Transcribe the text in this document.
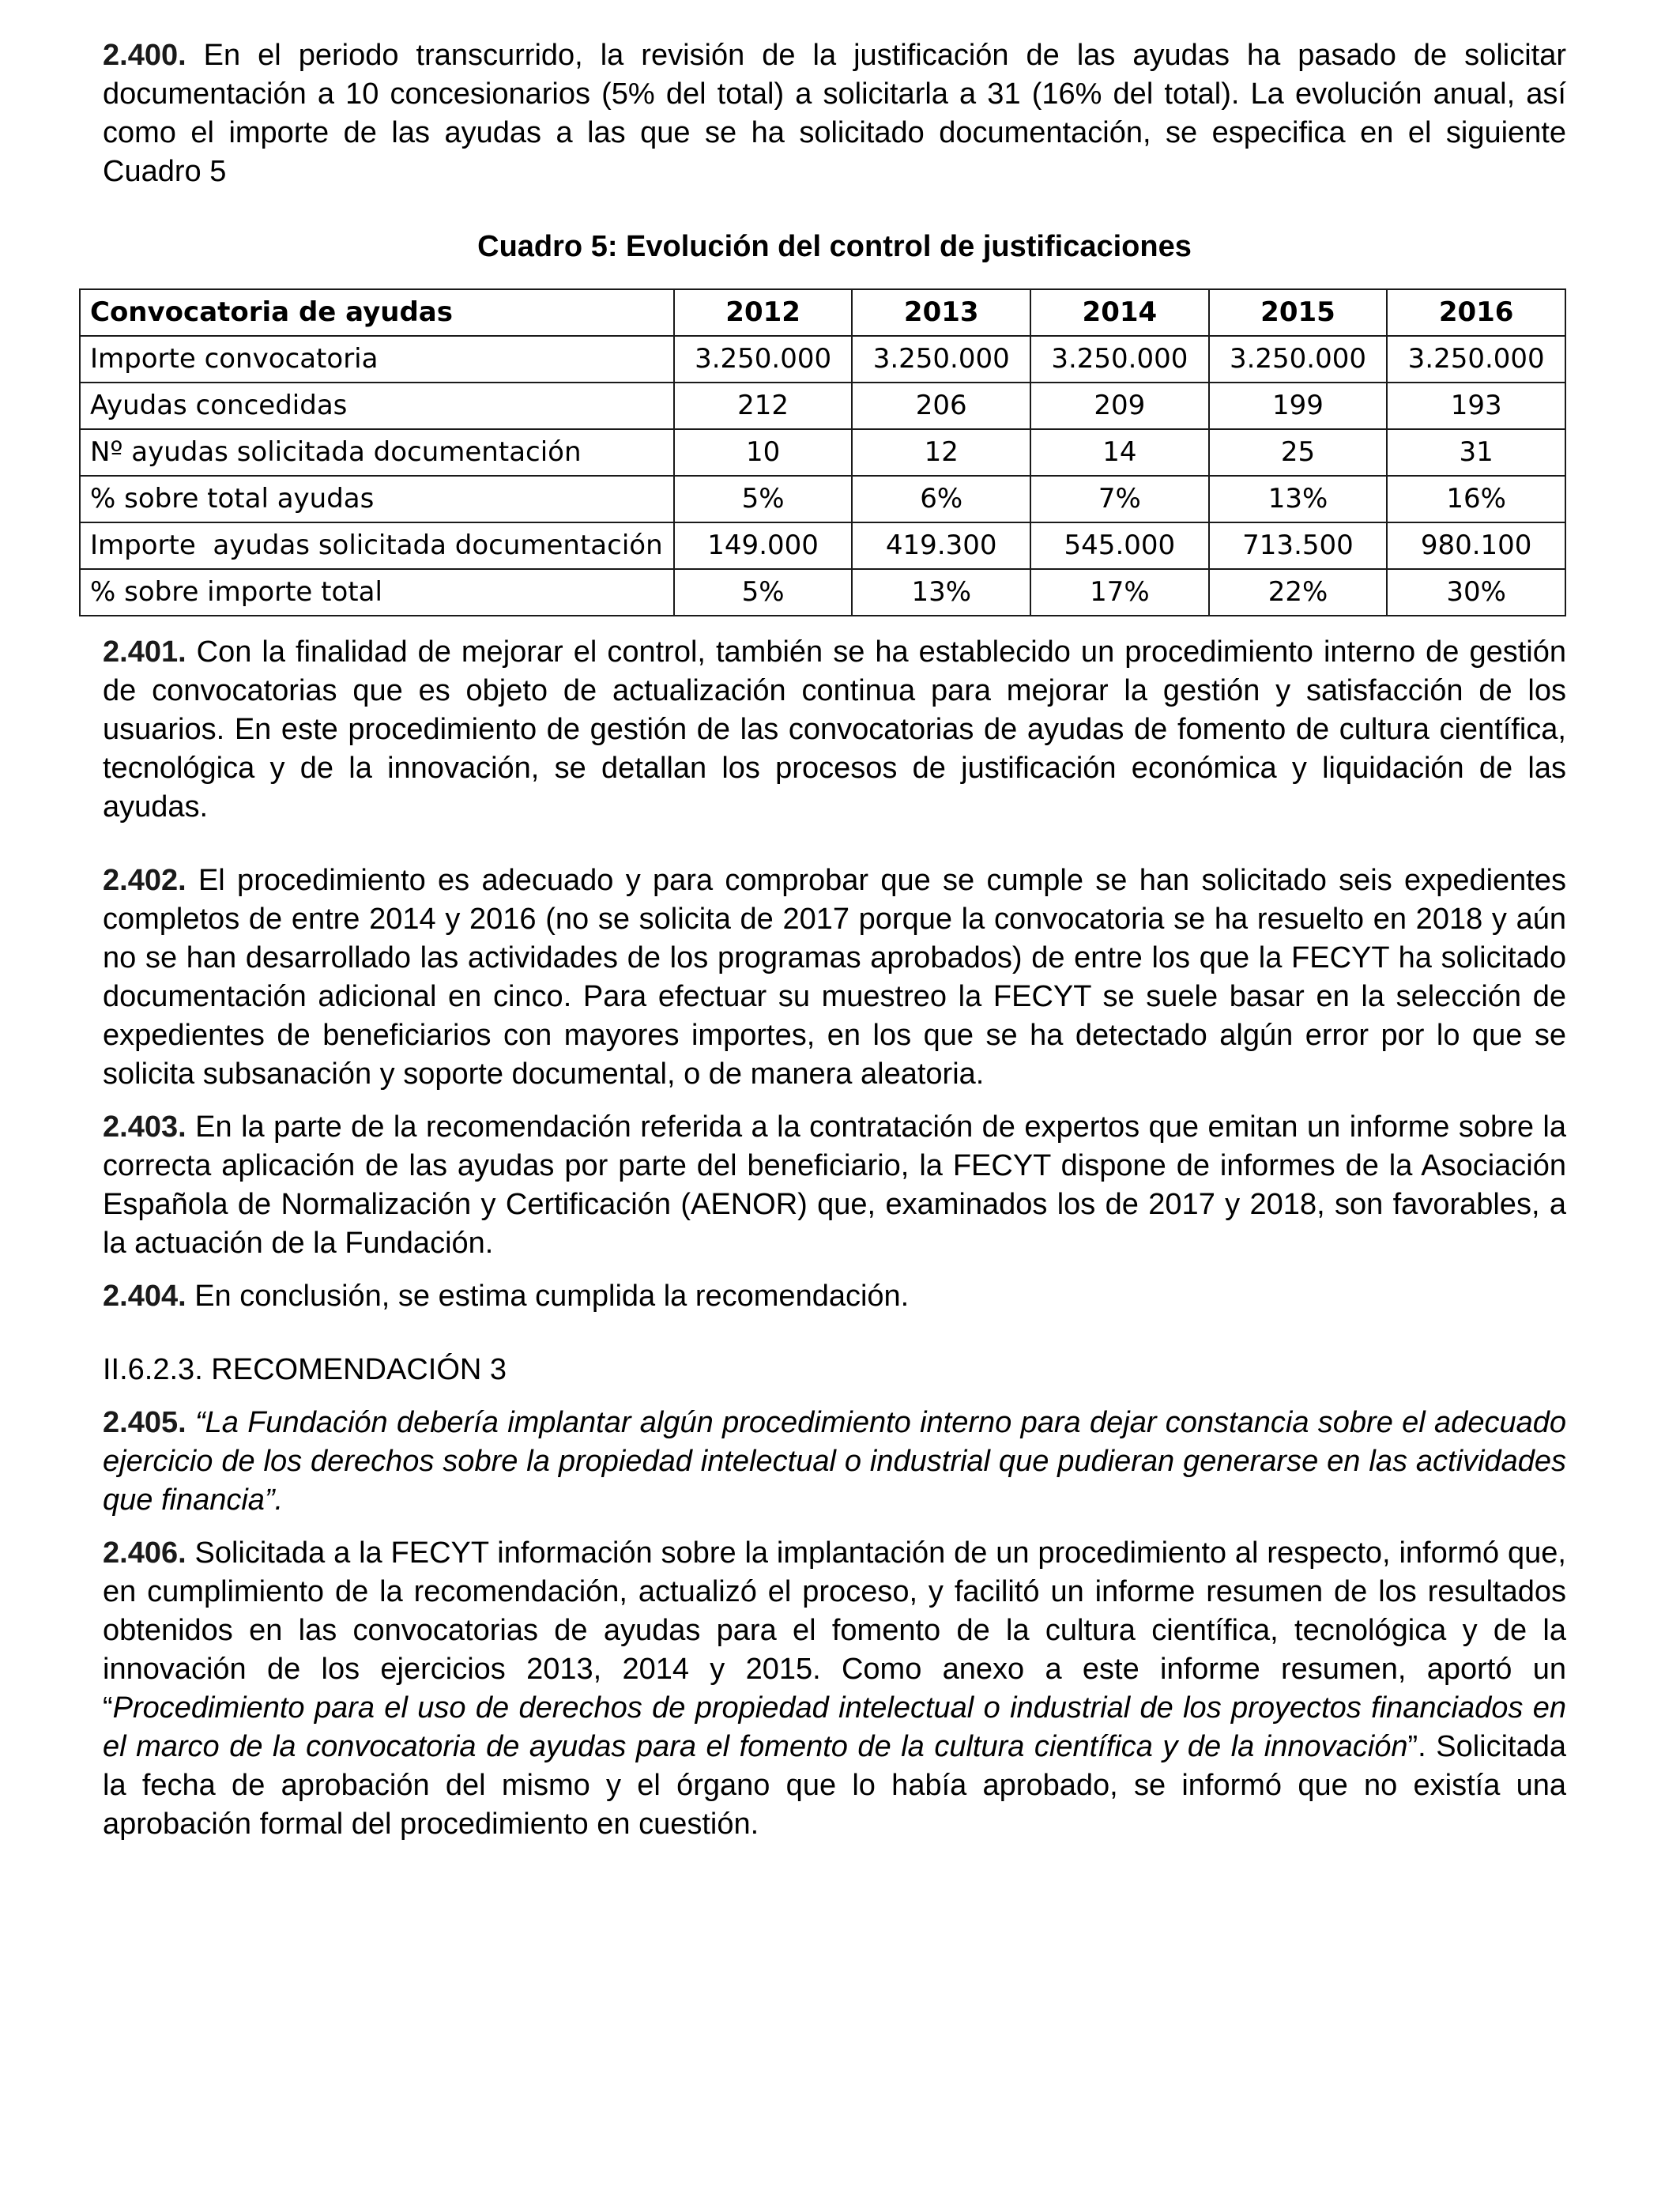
2.400. En el periodo transcurrido, la revisión de la justificación de las ayudas ha pasado de solicitar documentación a 10 concesionarios (5% del total) a solicitarla a 31 (16% del total). La evolución anual, así como el importe de las ayudas a las que se ha solicitado documentación, se especifica en el siguiente Cuadro 5

Cuadro 5: Evolución del control de justificaciones

Convocatoria de ayudas	2012	2013	2014	2015	2016
Importe convocatoria	3.250.000	3.250.000	3.250.000	3.250.000	3.250.000
Ayudas concedidas	212	206	209	199	193
Nº ayudas solicitada documentación	10	12	14	25	31
% sobre total ayudas	5%	6%	7%	13%	16%
Importe  ayudas solicitada documentación	149.000	419.300	545.000	713.500	980.100
% sobre importe total	5%	13%	17%	22%	30%

2.401. Con la finalidad de mejorar el control, también se ha establecido un procedimiento interno de gestión de convocatorias que es objeto de actualización continua para mejorar la gestión y satisfacción de los usuarios. En este procedimiento de gestión de las convocatorias de ayudas de fomento de cultura científica, tecnológica y de la innovación, se detallan los procesos de justificación económica y liquidación de las ayudas.

2.402. El procedimiento es adecuado y para comprobar que se cumple se han solicitado seis expedientes completos de entre 2014 y 2016 (no se solicita de 2017 porque la convocatoria se ha resuelto en 2018 y aún no se han desarrollado las actividades de los programas aprobados) de entre los que la FECYT ha solicitado documentación adicional en cinco. Para efectuar su muestreo la FECYT se suele basar en la selección de expedientes de beneficiarios con mayores importes, en los que se ha detectado algún error por lo que se solicita subsanación y soporte documental, o de manera aleatoria.

2.403. En la parte de la recomendación referida a la contratación de expertos que emitan un informe sobre la correcta aplicación de las ayudas por parte del beneficiario, la FECYT dispone de informes de la Asociación Española de Normalización y Certificación (AENOR) que, examinados los de 2017 y 2018, son favorables, a la actuación de la Fundación.

2.404. En conclusión, se estima cumplida la recomendación.

II.6.2.3. RECOMENDACIÓN 3

2.405. “La Fundación debería implantar algún procedimiento interno para dejar constancia sobre el adecuado ejercicio de los derechos sobre la propiedad intelectual o industrial que pudieran generarse en las actividades que financia”.

2.406. Solicitada a la FECYT información sobre la implantación de un procedimiento al respecto, informó que, en cumplimiento de la recomendación, actualizó el proceso, y facilitó un informe resumen de los resultados obtenidos en las convocatorias de ayudas para el fomento de la cultura científica, tecnológica y de la innovación de los ejercicios 2013, 2014 y 2015. Como anexo a este informe resumen, aportó un “Procedimiento para el uso de derechos de propiedad intelectual o industrial de los proyectos financiados en el marco de la convocatoria de ayudas para el fomento de la cultura científica y de la innovación”. Solicitada la fecha de aprobación del mismo y el órgano que lo había aprobado, se informó que no existía una aprobación formal del procedimiento en cuestión.
